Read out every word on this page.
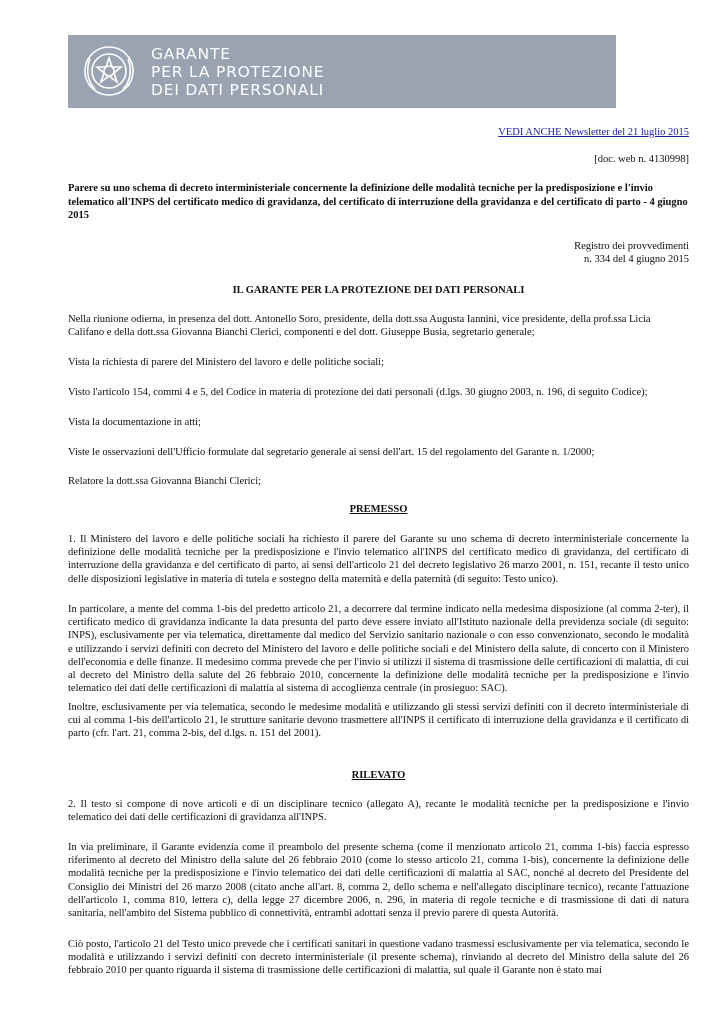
GARANTE
PER LA PROTEZIONE
DEI DATI PERSONALI
VEDI ANCHE Newsletter del 21 luglio 2015
[doc. web n. 4130998]
Parere su uno schema di decreto interministeriale concernente la definizione delle modalità tecniche per la predisposizione e l'invio telematico all'INPS del certificato medico di gravidanza, del certificato di interruzione della gravidanza e del certificato di parto - 4 giugno 2015
Registro dei provvedimenti
n. 334 del 4 giugno 2015
IL GARANTE PER LA PROTEZIONE DEI DATI PERSONALI
Nella riunione odierna, in presenza del dott. Antonello Soro, presidente, della dott.ssa Augusta Iannini, vice presidente, della prof.ssa Licia Califano e della dott.ssa Giovanna Bianchi Clerici, componenti e del dott. Giuseppe Busia, segretario generale;
Vista la richiesta di parere del Ministero del lavoro e delle politiche sociali;
Visto l'articolo 154, commi 4 e 5, del Codice in materia di protezione dei dati personali (d.lgs. 30 giugno 2003, n. 196, di seguito Codice);
Vista la documentazione in atti;
Viste le osservazioni dell'Ufficio formulate dal segretario generale ai sensi dell'art. 15 del regolamento del Garante n. 1/2000;
Relatore la dott.ssa Giovanna Bianchi Clerici;
PREMESSO
1. Il Ministero del lavoro e delle politiche sociali ha richiesto il parere del Garante su uno schema di decreto interministeriale concernente la definizione delle modalità tecniche per la predisposizione e l'invio telematico all'INPS del certificato medico di gravidanza, del certificato di interruzione della gravidanza e del certificato di parto, ai sensi dell'articolo 21 del decreto legislativo 26 marzo 2001, n. 151, recante il testo unico delle disposizioni legislative in materia di tutela e sostegno della maternità e della paternità (di seguito: Testo unico).
In particolare, a mente del comma 1-bis del predetto articolo 21, a decorrere dal termine indicato nella medesima disposizione (al comma 2-ter), il certificato medico di gravidanza indicante la data presunta del parto deve essere inviato all'Istituto nazionale della previdenza sociale (di seguito: INPS), esclusivamente per via telematica, direttamente dal medico del Servizio sanitario nazionale o con esso convenzionato, secondo le modalità e utilizzando i servizi definiti con decreto del Ministero del lavoro e delle politiche sociali e del Ministero della salute, di concerto con il Ministero dell'economia e delle finanze. Il medesimo comma prevede che per l'invio si utilizzi il sistema di trasmissione delle certificazioni di malattia, di cui al decreto del Ministro della salute del 26 febbraio 2010, concernente la definizione delle modalità tecniche per la predisposizione e l'invio telematico dei dati delle certificazioni di malattia al sistema di accoglienza centrale (in prosieguo: SAC).
Inoltre, esclusivamente per via telematica, secondo le medesime modalità e utilizzando gli stessi servizi definiti con il decreto interministeriale di cui al comma 1-bis dell'articolo 21, le strutture sanitarie devono trasmettere all'INPS il certificato di interruzione della gravidanza e il certificato di parto (cfr. l'art. 21, comma 2-bis, del d.lgs. n. 151 del 2001).
RILEVATO
2. Il testo si compone di nove articoli e di un disciplinare tecnico (allegato A), recante le modalità tecniche per la predisposizione e l'invio telematico dei dati delle certificazioni di gravidanza all'INPS.
In via preliminare, il Garante evidenzia come il preambolo del presente schema (come il menzionato articolo 21, comma 1-bis) faccia espresso riferimento al decreto del Ministro della salute del 26 febbraio 2010 (come lo stesso articolo 21, comma 1-bis), concernente la definizione delle modalità tecniche per la predisposizione e l'invio telematico dei dati delle certificazioni di malattia al SAC, nonché al decreto del Presidente del Consiglio dei Ministri del 26 marzo 2008 (citato anche all'art. 8, comma 2, dello schema e nell'allegato disciplinare tecnico), recante l'attuazione dell'articolo 1, comma 810, lettera c), della legge 27 dicembre 2006, n. 296, in materia di regole tecniche e di trasmissione di dati di natura sanitaria, nell'ambito del Sistema pubblico di connettività, entrambi adottati senza il previo parere di questa Autorità.
Ciò posto, l'articolo 21 del Testo unico prevede che i certificati sanitari in questione vadano trasmessi esclusivamente per via telematica, secondo le modalità e utilizzando i servizi definiti con decreto interministeriale (il presente schema), rinviando al decreto del Ministro della salute del 26 febbraio 2010 per quanto riguarda il sistema di trasmissione delle certificazioni di malattia, sul quale il Garante non è stato mai
